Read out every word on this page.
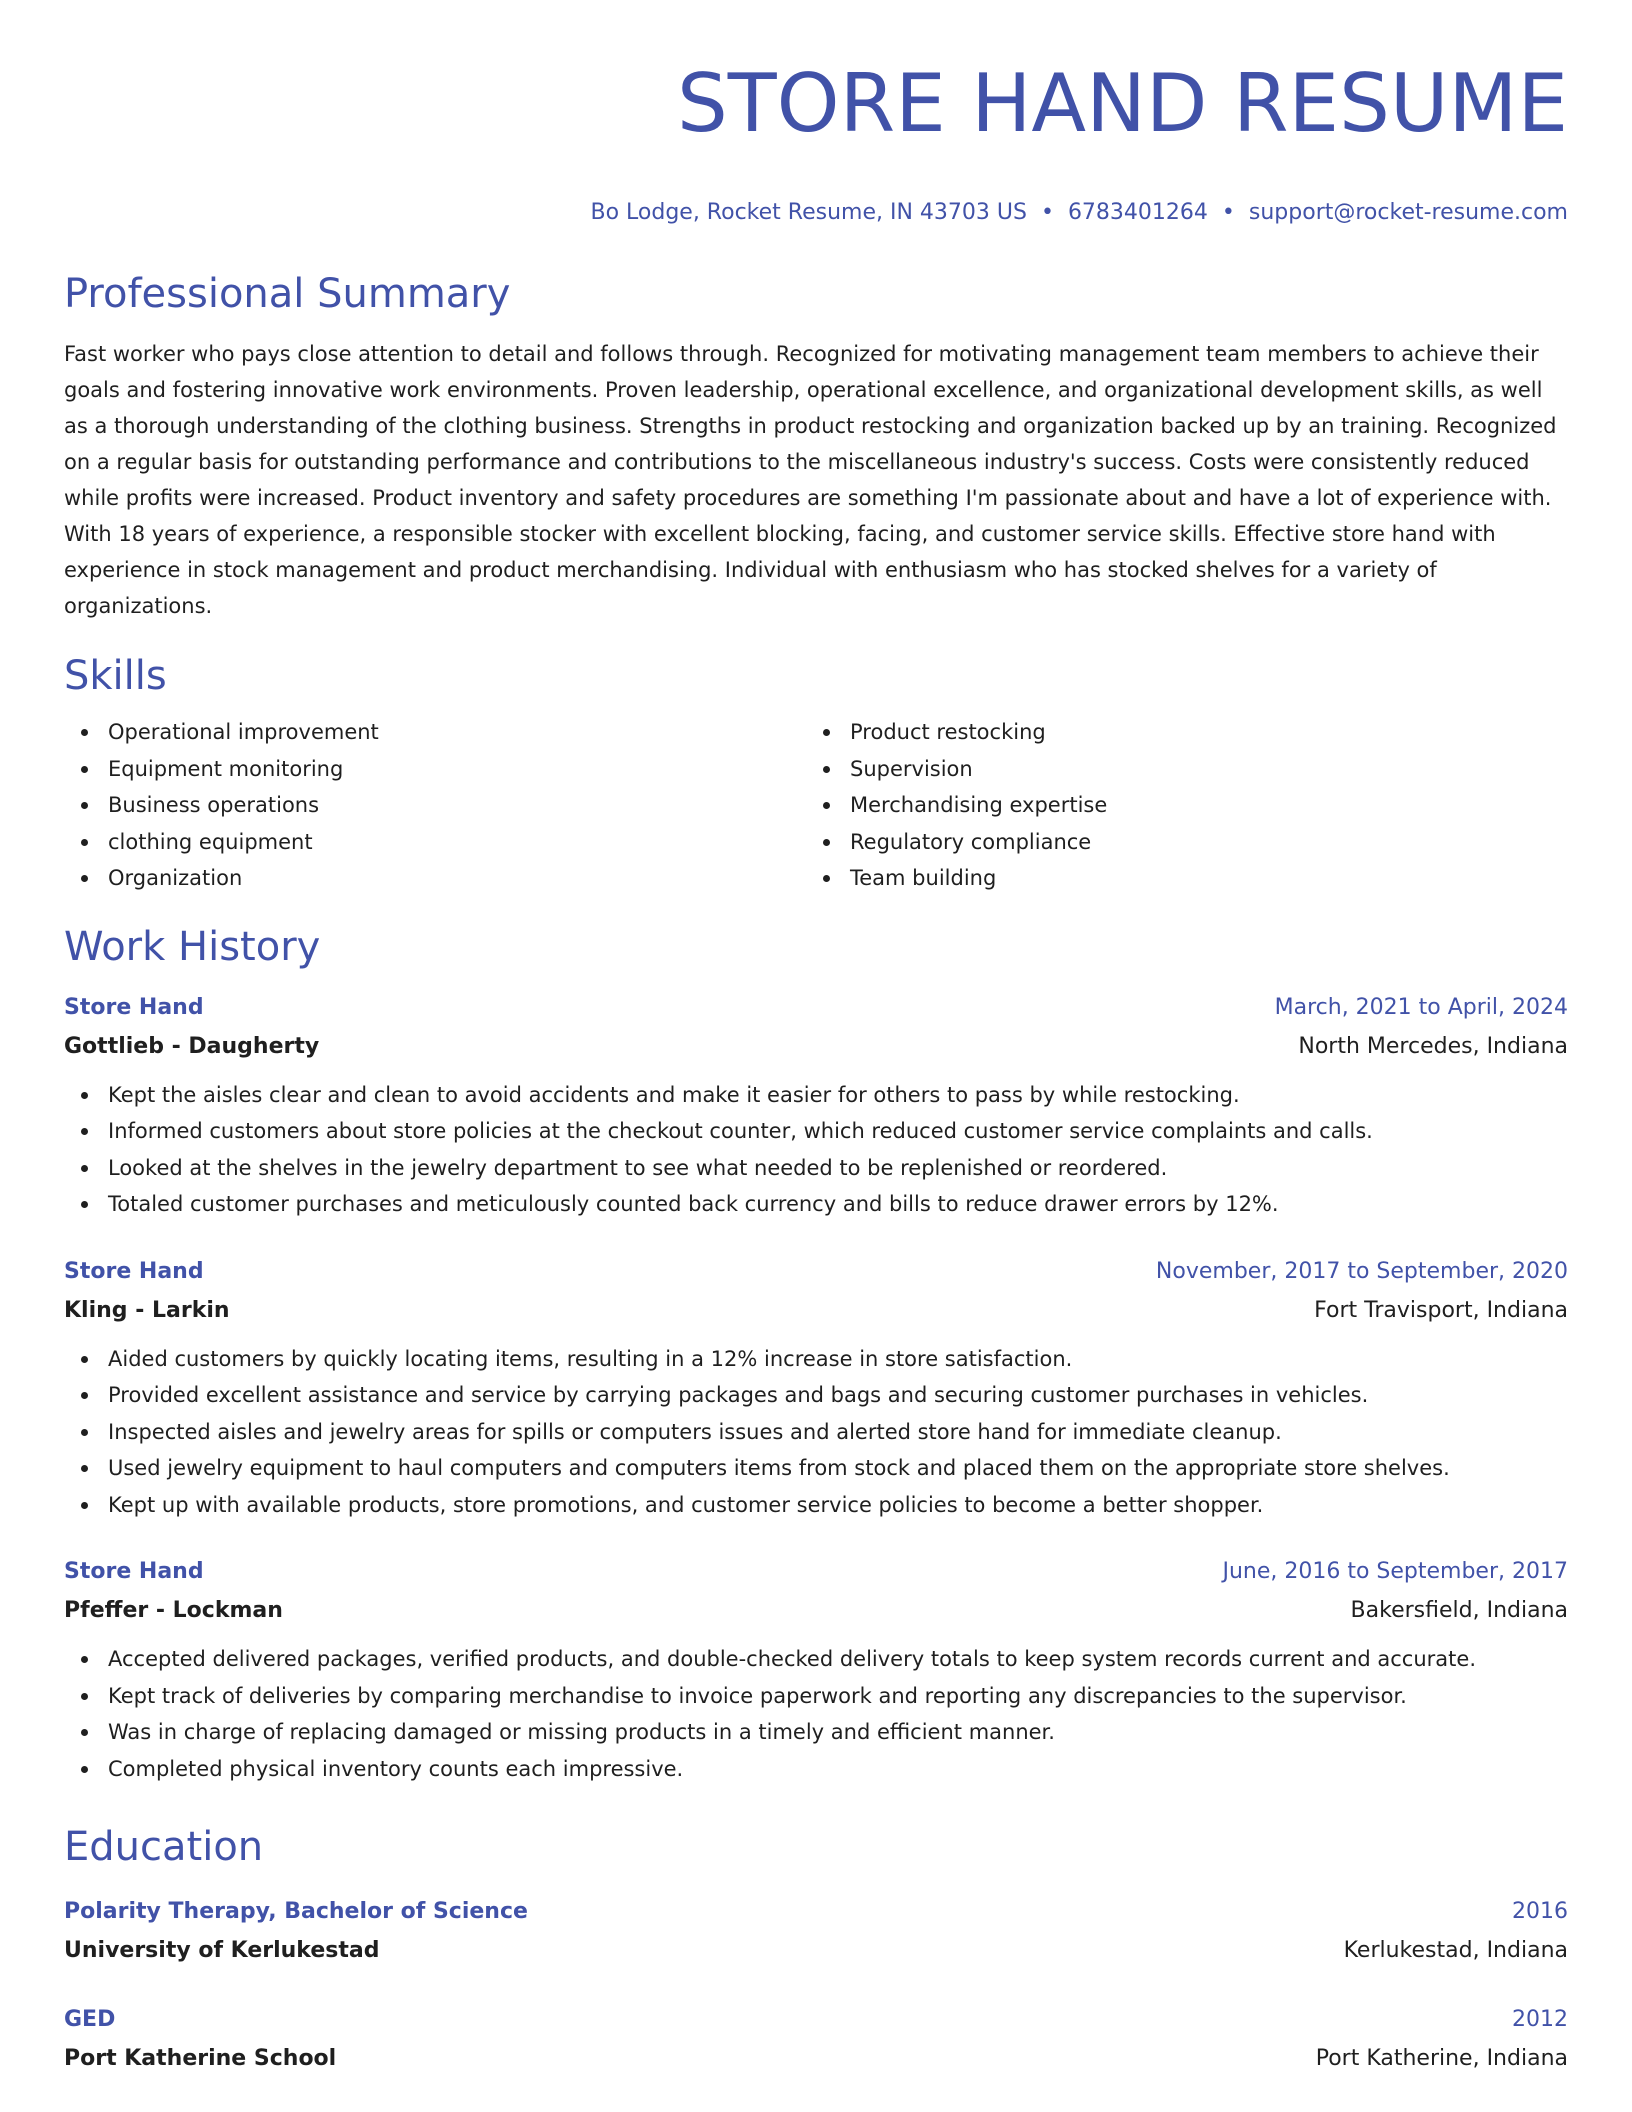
STORE HAND RESUME
Bo Lodge, Rocket Resume, IN 43703 US • 6783401264 • support@rocket-resume.com
Professional Summary

Fast worker who pays close attention to detail and follows through. Recognized for motivating management team members to achieve their goals and fostering innovative work environments. Proven leadership, operational excellence, and organizational development skills, as well as a thorough understanding of the clothing business. Strengths in product restocking and organization backed up by an training. Recognized on a regular basis for outstanding performance and contributions to the miscellaneous industry's success. Costs were consistently reduced while profits were increased. Product inventory and safety procedures are something I'm passionate about and have a lot of experience with. With 18 years of experience, a responsible stocker with excellent blocking, facing, and customer service skills. Effective store hand with experience in stock management and product merchandising. Individual with enthusiasm who has stocked shelves for a variety of organizations.

Skills
Operational improvement
Equipment monitoring
Business operations
clothing equipment
Organization
Product restocking
Supervision
Merchandising expertise
Regulatory compliance
Team building
Work History
Store Hand	March, 2021 to April, 2024
Gottlieb - Daugherty	North Mercedes, Indiana
Kept the aisles clear and clean to avoid accidents and make it easier for others to pass by while restocking.
Informed customers about store policies at the checkout counter, which reduced customer service complaints and calls.
Looked at the shelves in the jewelry department to see what needed to be replenished or reordered.
Totaled customer purchases and meticulously counted back currency and bills to reduce drawer errors by 12%.
Store Hand	November, 2017 to September, 2020
Kling - Larkin	Fort Travisport, Indiana
Aided customers by quickly locating items, resulting in a 12% increase in store satisfaction.
Provided excellent assistance and service by carrying packages and bags and securing customer purchases in vehicles.
Inspected aisles and jewelry areas for spills or computers issues and alerted store hand for immediate cleanup.
Used jewelry equipment to haul computers and computers items from stock and placed them on the appropriate store shelves.
Kept up with available products, store promotions, and customer service policies to become a better shopper.
Store Hand	June, 2016 to September, 2017
Pfeffer - Lockman	Bakersfield, Indiana
Accepted delivered packages, verified products, and double-checked delivery totals to keep system records current and accurate.
Kept track of deliveries by comparing merchandise to invoice paperwork and reporting any discrepancies to the supervisor.
Was in charge of replacing damaged or missing products in a timely and efficient manner.
Completed physical inventory counts each impressive.
Education
Polarity Therapy, Bachelor of Science	2016
University of Kerlukestad	Kerlukestad, Indiana
GED	2012
Port Katherine School	Port Katherine, Indiana
